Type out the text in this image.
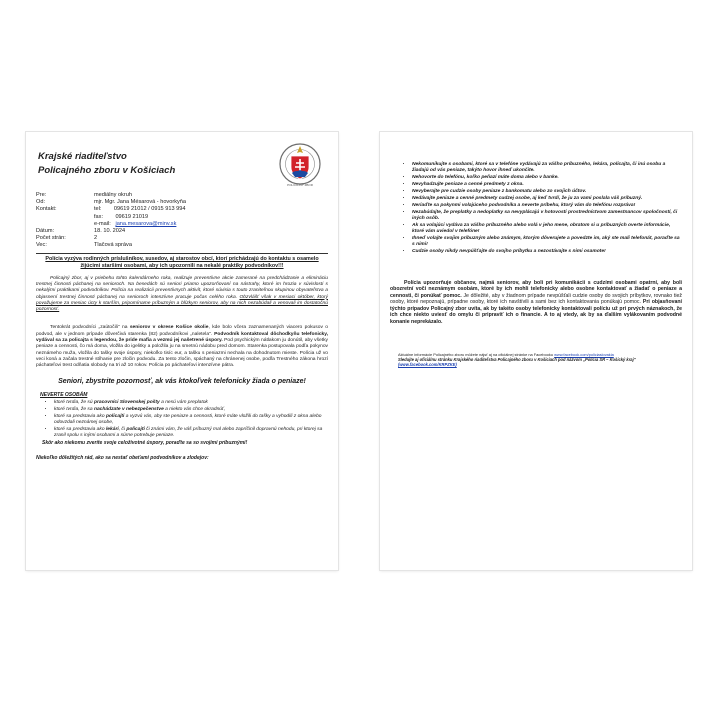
Krajské riaditeľstvo
Policajného zboru v Košiciach
POLICAJNÝ ZBOR
Pre:	mediálny okruh
Od:	mjr. Mgr. Jana Mésarová - hovorkyňa
Kontakt:	tel:        09619 21012 / 0915 913 994
fax:        09619 21019
e-mail:   jana.mesarova@minv.sk
Dátum:	18. 10. 2024
Počet strán:	2
Vec:	Tlačová správa
Polícia vyzýva rodinných príslušníkov, susedov, aj starostov obcí, ktorí prichádzajú do kontaktu s osamelo žijúcimi staršími osobami, aby ich upozornili na nekalé praktiky podvodníkov!!!

Policajný zbor, aj v priebehu tohto kalendárneho roka, realizuje preventívne akcie zamerané na predchádzanie a elimináciu trestnej činnosti páchanej na senioroch. Na besedách sú seniori priamo upozorňovaní na nástrahy, ktoré im hrozia v súvislosti s nekalými praktikami podvodníkov. Polícia na realizácii preventívnych aktivít, ktoré súvisia s touto zraniteľnou skupinou obyvateľstva a objasnení trestnej činnosti páchanej na senioroch intenzívne pracuje počas celého roka. Obzvlášť však v mesiaci október, ktorý považujeme za mesiac úcty k starším, pripomíname príbuzným a blízkym seniorov, aby na nich nezabúdali a venovali im dostatočnú pozornosť.

Tentokrát podvodníci „zaútočili" na seniorov v okrese Košice okolie, kde bolo včera zaznamenaných viacero pokusov o podvod, ale v jednom prípade dôverčivá starenka (82) podvodníkovi „naletela". Podvodník kontaktoval dôchodkyňu telefonicky, vydával sa za policajta s legendou, že pride mafia a vezmú jej našetrené úspory. Pod psychickým nátlakom ju donútil, aby všetky peniaze a cennosti, čo má doma, vložila do igelitky a položila ju na smetnú nádobu pred domom. Starenka postupovala podľa pokynov neznámeho muža, vložila do tašky svoje úspory, niekoľko tisíc eur, a tašku s peniazmi nechala na dohodnutom mieste. Polícia už vo veci koná a začala trestné stíhanie pre zločin podvodu. Za tento zločin, spáchaný na chránenej osobe, podľa Trestného zákona hrozí páchateľovi trest odňatia slobody na tri až 10 rokov. Polícia po páchateľovi intenzívne pátra.

Seniori, zbystrite pozornosť, ak vás ktokoľvek telefonicky žiada o peniaze!
NEVERTE OSOBÁM
• ktoré tvrdia, že sú pracovníci Slovenskej pošty a nesú vám preplatok
• ktoré tvrdia, že sa nachádzate v nebezpečenstve a niekto vás chce okradnúť,
• ktoré sa predstavia ako policajti a vyzvú vás, aby ste peniaze a cennosti, ktoré máte vložili do tašky a vyhodili z okna alebo odovzdali neznámej osobe,
• ktoré sa predstavia ako lekári, či policajti či známi vám, že váš príbuzný mal alebo zapríčinil dopravnú nehodu, pri ktorej sa zranil spolu s inými osobami a súrne potrebuje peniaze.
Skôr ako niekomu zveríte svoje celoživotné úspory, poraďte sa so svojimi príbuznými!
Niekoľko dôležitých rád, ako sa nestať obeťami podvodníkov a zlodejov:
• Nekomunikujte s osobami, ktoré sa v telefóne vydávajú za vášho príbuzného, lekára, policajta, či inú osobu a žiadajú od vás peniaze, takýto hovor ihneď ukončite.
• Nehovorte do telefónu, koľko peňazí máte doma alebo v banke.
• Nevyhadzujte peniaze a cenné predmety z okna.
• Nevyberajte pre cudzie osoby peniaze z bankomatu alebo zo svojich účtov.
• Nedávajte peniaze a cenné predmety cudzej osobe, aj keď tvrdí, že ju za vami poslala váš príbuzný.
• Neriaďte sa pokynmi volajúceho podvodníka a neverte príbehu, ktorý vám do telefónu rozpráva!
• Nezabúdajte, že preplatky a nedoplatky sa nevyplácajú v hotovosti prostredníctvom zamestnancov spoločností, či iných osôb.
• Ak sa volajúci vydáva za vášho príbuzného alebo volá v jeho mene, obratom si u príbuzných overte informácie, ktoré vám uviedol v telefóne!
• Ihneď volajte svojim príbuzným alebo známym, ktorým dôverujete a povedzte im, aký ste mali telefonát, poraďte sa s nimi!
• Cudzie osoby nikdy nevpúšťajte do svojho príbytku a nezostávajte s nimi osamote!

Polícia upozorňuje občanov, najmä seniorov, aby boli pri komunikácii s cudzími osobami opatrní, aby boli obozretní voči neznámym osobám, ktoré by ich mohli telefonicky alebo osobne kontaktovať a žiadať o peniaze a cennosti, či ponúkať pomoc. Je dôležité, aby v žiadnom prípade nevpúšťali cudzie osoby do svojich príbytkov, rovnako tiež osoby, ktoré nepoznajú, prípadne osoby, ktoré ich navštívili a sami bez ich kontaktovania ponúkajú pomoc. Pri objasňovaní týchto prípadov Policajný zbor uvíta, ak by takéto osoby telefonicky kontaktovali políciu už pri prvých náznakoch, že ich chce niekto uviesť do omylu či pripraviť ich o financie. A to aj vtedy, ak by sa ďalším vylákovaním podvodné konanie neprekázalo.

Aktuálne informácie Policajného zboru môžete nájsť aj na oficiálnej stránke na Facebooku www.facebook.com/policiaslovakia
Sledujte aj oficiálnu stránku Krajského riaditeľstva Policajného zboru v Košiciach pod názvom „Polícia SR – Košický kraj"
(www.facebook.com/KRPZKE)
